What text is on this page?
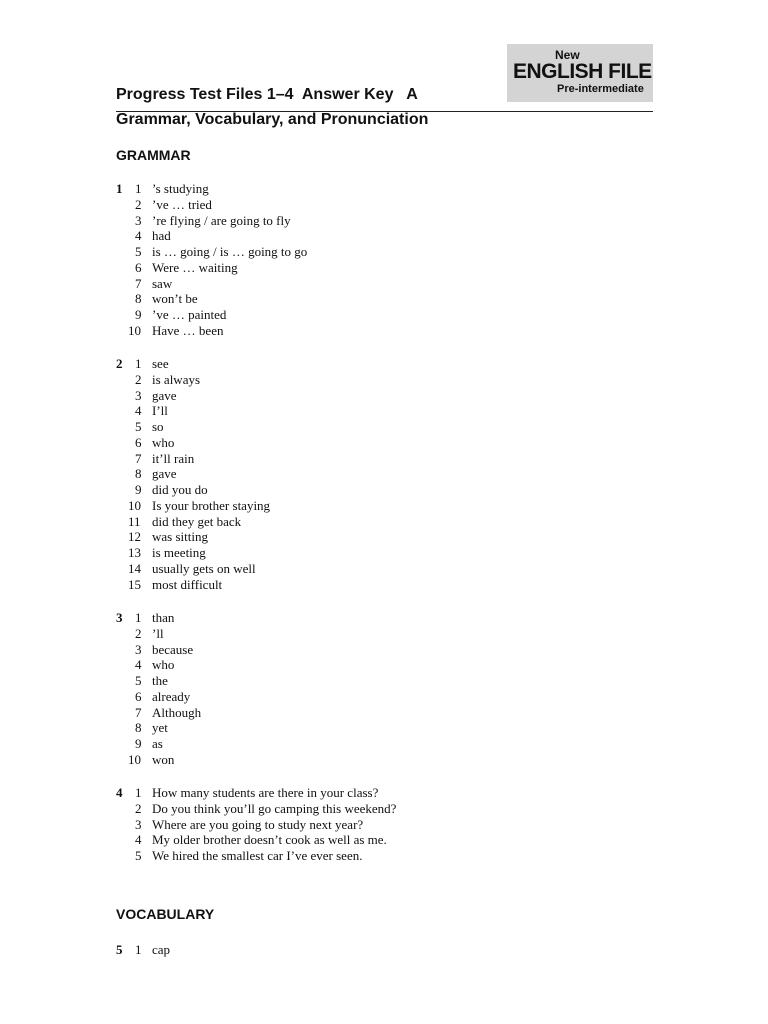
New
ENGLISH FILE
Pre-intermediate
Progress Test Files 1–4  Answer Key   A
Grammar, Vocabulary, and Pronunciation
GRAMMAR
1 1 ’s studying
2 ’ve … tried
3 ’re flying / are going to fly
4 had
5 is … going / is … going to go
6 Were … waiting
7 saw
8 won’t be
9 ’ve … painted
10 Have … been
2 1 see
2 is always
3 gave
4 I’ll
5 so
6 who
7 it’ll rain
8 gave
9 did you do
10 Is your brother staying
11 did they get back
12 was sitting
13 is meeting
14 usually gets on well
15 most difficult
3 1 than
2 ’ll
3 because
4 who
5 the
6 already
7 Although
8 yet
9 as
10 won
4 1 How many students are there in your class?
2 Do you think you’ll go camping this weekend?
3 Where are you going to study next year?
4 My older brother doesn’t cook as well as me.
5 We hired the smallest car I’ve ever seen.
VOCABULARY
5 1 cap
